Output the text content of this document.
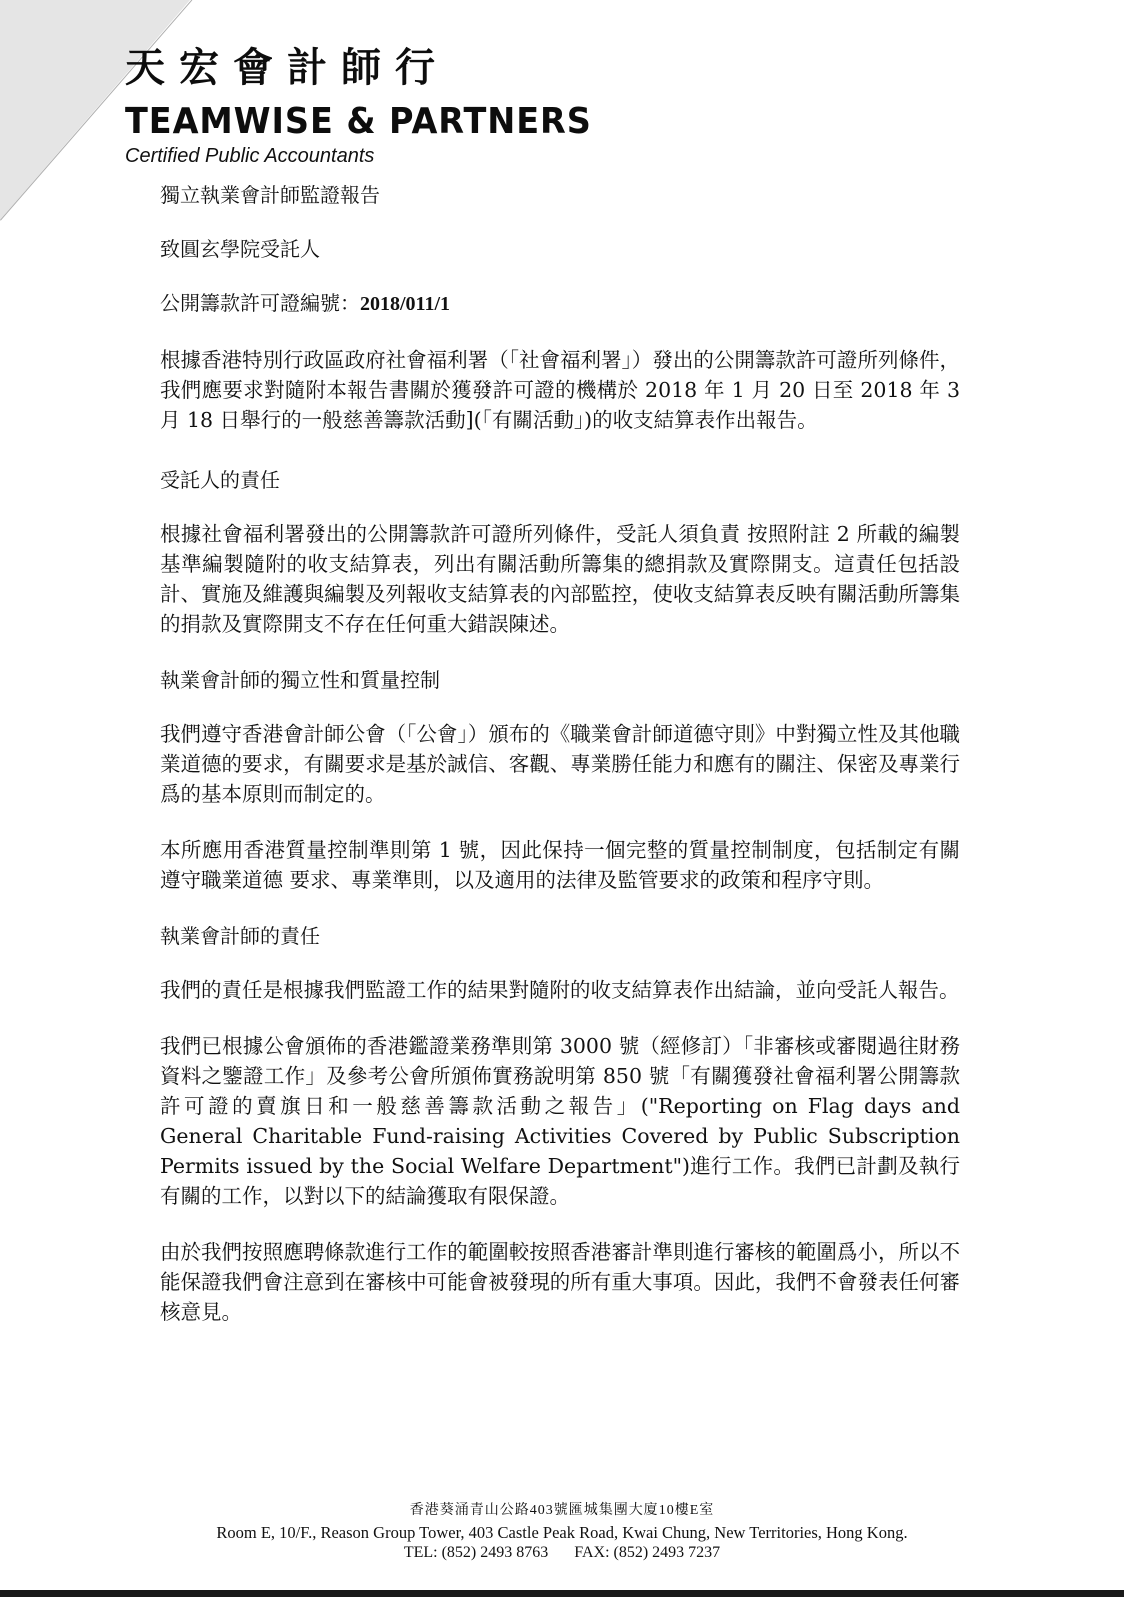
天宏會計師行
TEAMWISE & PARTNERS
Certified Public Accountants
獨立執業會計師監證報告
致圓玄學院受託人
公開籌款許可證編號：2018/011/1

根據香港特別行政區政府社會福利署（「社會福利署」）發出的公開籌款許可證所列條件，我們應要求對隨附本報告書關於獲發許可證的機構於 2018 年 1 月 20 日至 2018 年 3 月 18 日舉行的一般慈善籌款活動](「有關活動」)的收支結算表作出報告。

受託人的責任

根據社會福利署發出的公開籌款許可證所列條件，受託人須負責 按照附註 2 所載的編製基準編製隨附的收支結算表，列出有關活動所籌集的總捐款及實際開支。這責任包括設計、實施及維護與編製及列報收支結算表的內部監控，使收支結算表反映有關活動所籌集的捐款及實際開支不存在任何重大錯誤陳述。

執業會計師的獨立性和質量控制

我們遵守香港會計師公會（「公會」）頒布的《職業會計師道德守則》中對獨立性及其他職業道德的要求，有關要求是基於誠信、客觀、專業勝任能力和應有的關注、保密及專業行爲的基本原則而制定的。

本所應用香港質量控制準則第 1 號，因此保持一個完整的質量控制制度，包括制定有關遵守職業道德 要求、專業準則，以及適用的法律及監管要求的政策和程序守則。

執業會計師的責任

我們的責任是根據我們監證工作的結果對隨附的收支結算表作出結論，並向受託人報告。

我們已根據公會頒佈的香港鑑證業務準則第 3000 號（經修訂）「非審核或審閱過往財務資料之鑒證工作」及參考公會所頒佈實務說明第 850 號「有關獲發社會福利署公開籌款許可證的賣旗日和一般慈善籌款活動之報告」("Reporting on Flag days and General Charitable Fund-raising Activities Covered by Public Subscription Permits issued by the Social Welfare Department")進行工作。我們已計劃及執行有關的工作，以對以下的結論獲取有限保證。

由於我們按照應聘條款進行工作的範圍較按照香港審計準則進行審核的範圍爲小，所以不能保證我們會注意到在審核中可能會被發現的所有重大事項。因此，我們不會發表任何審核意見。

香港葵涌青山公路403號匯城集團大廈10樓E室
Room E, 10/F., Reason Group Tower, 403 Castle Peak Road, Kwai Chung, New Territories, Hong Kong.
TEL: (852) 2493 8763 FAX: (852) 2493 7237
